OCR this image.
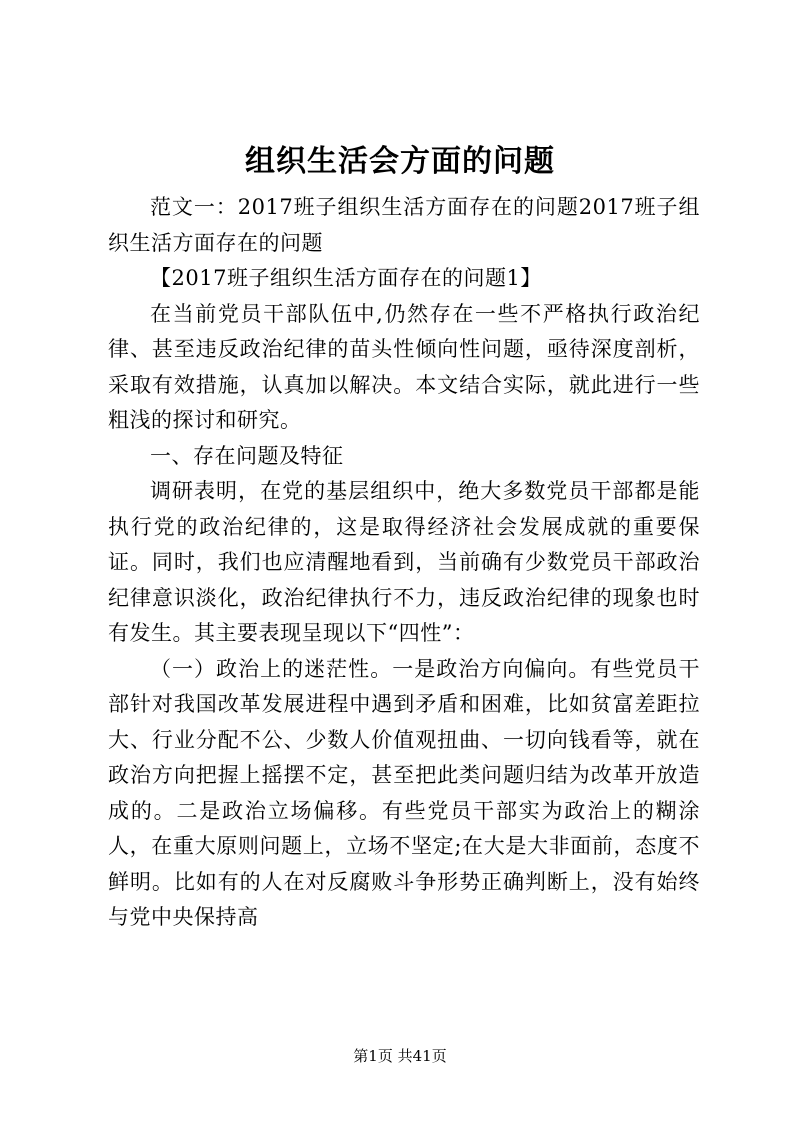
组织生活会方面的问题

范文一：2017班子组织生活方面存在的问题2017班子组织生活方面存在的问题

【2017班子组织生活方面存在的问题1】

在当前党员干部队伍中,仍然存在一些不严格执行政治纪律、甚至违反政治纪律的苗头性倾向性问题，亟待深度剖析，采取有效措施，认真加以解决。本文结合实际，就此进行一些粗浅的探讨和研究。

一、存在问题及特征

调研表明，在党的基层组织中，绝大多数党员干部都是能执行党的政治纪律的，这是取得经济社会发展成就的重要保证。同时，我们也应清醒地看到，当前确有少数党员干部政治纪律意识淡化，政治纪律执行不力，违反政治纪律的现象也时有发生。其主要表现呈现以下“四性”：

（一）政治上的迷茫性。一是政治方向偏向。有些党员干部针对我国改革发展进程中遇到矛盾和困难，比如贫富差距拉大、行业分配不公、少数人价值观扭曲、一切向钱看等，就在政治方向把握上摇摆不定，甚至把此类问题归结为改革开放造成的。二是政治立场偏移。有些党员干部实为政治上的糊涂人，在重大原则问题上，立场不坚定;在大是大非面前，态度不鲜明。比如有的人在对反腐败斗争形势正确判断上，没有始终与党中央保持高

第1页 共41页
